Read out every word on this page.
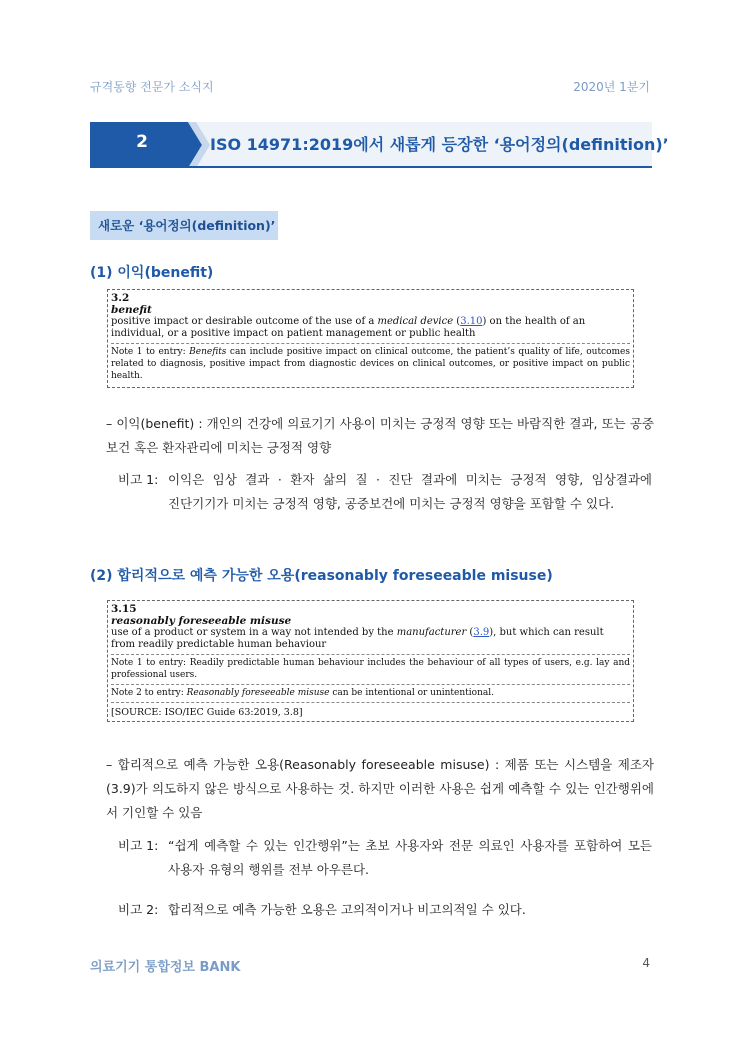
규격동향 전문가 소식지	2020년 1분기
2	ISO 14971:2019에서 새롭게 등장한 ‘용어정의(definition)’
새로운 ‘용어정의(definition)’
(1) 이익(benefit)
3.2
benefit
positive impact or desirable outcome of the use of a medical device (3.10) on the health of an individual, or a positive impact on patient management or public health
Note 1 to entry: Benefits can include positive impact on clinical outcome, the patient’s quality of life, outcomes related to diagnosis, positive impact from diagnostic devices on clinical outcomes, or positive impact on public health.
– 이익(benefit) : 개인의 건강에 의료기기 사용이 미치는 긍정적 영향 또는 바람직한 결과, 또는 공중보건 혹은 환자관리에 미치는 긍정적 영향
비고 1: 이익은 임상 결과 · 환자 삶의 질 · 진단 결과에 미치는 긍정적 영향, 임상결과에
진단기기가 미치는 긍정적 영향, 공중보건에 미치는 긍정적 영향을 포함할 수 있다.
(2) 합리적으로 예측 가능한 오용(reasonably foreseeable misuse)
3.15
reasonably foreseeable misuse
use of a product or system in a way not intended by the manufacturer (3.9), but which can result from readily predictable human behaviour
Note 1 to entry: Readily predictable human behaviour includes the behaviour of all types of users, e.g. lay and professional users.
Note 2 to entry: Reasonably foreseeable misuse can be intentional or unintentional.
[SOURCE: ISO/IEC Guide 63:2019, 3.8]
– 합리적으로 예측 가능한 오용(Reasonably foreseeable misuse) : 제품 또는 시스템을 제조자(3.9)가 의도하지 않은 방식으로 사용하는 것. 하지만 이러한 사용은 쉽게 예측할 수 있는 인간행위에서 기인할 수 있음
비고 1: “쉽게 예측할 수 있는 인간행위”는 초보 사용자와 전문 의료인 사용자를 포함하여 모든
사용자 유형의 행위를 전부 아우른다.
비고 2: 합리적으로 예측 가능한 오용은 고의적이거나 비고의적일 수 있다.
의료기기 통합정보 BANK	4
